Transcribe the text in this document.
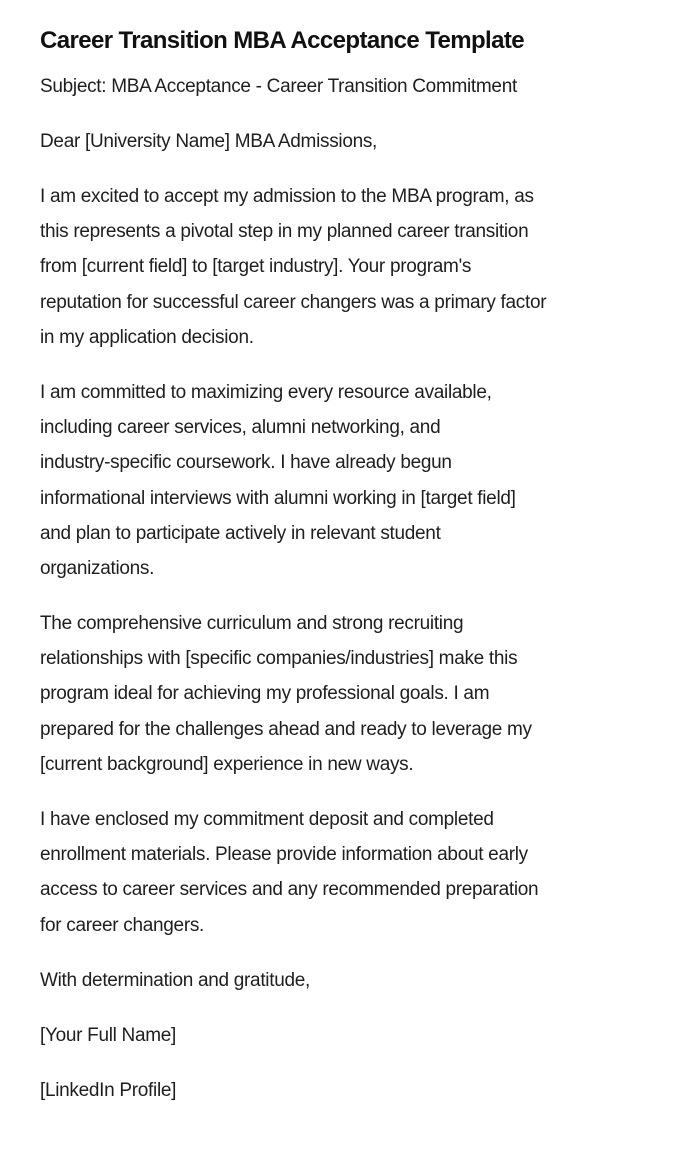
Career Transition MBA Acceptance Template
Subject: MBA Acceptance - Career Transition Commitment
Dear [University Name] MBA Admissions,
I am excited to accept my admission to the MBA program, as
this represents a pivotal step in my planned career transition
from [current field] to [target industry]. Your program's
reputation for successful career changers was a primary factor
in my application decision.
I am committed to maximizing every resource available,
including career services, alumni networking, and
industry-specific coursework. I have already begun
informational interviews with alumni working in [target field]
and plan to participate actively in relevant student
organizations.
The comprehensive curriculum and strong recruiting
relationships with [specific companies/industries] make this
program ideal for achieving my professional goals. I am
prepared for the challenges ahead and ready to leverage my
[current background] experience in new ways.
I have enclosed my commitment deposit and completed
enrollment materials. Please provide information about early
access to career services and any recommended preparation
for career changers.
With determination and gratitude,
[Your Full Name]
[LinkedIn Profile]
